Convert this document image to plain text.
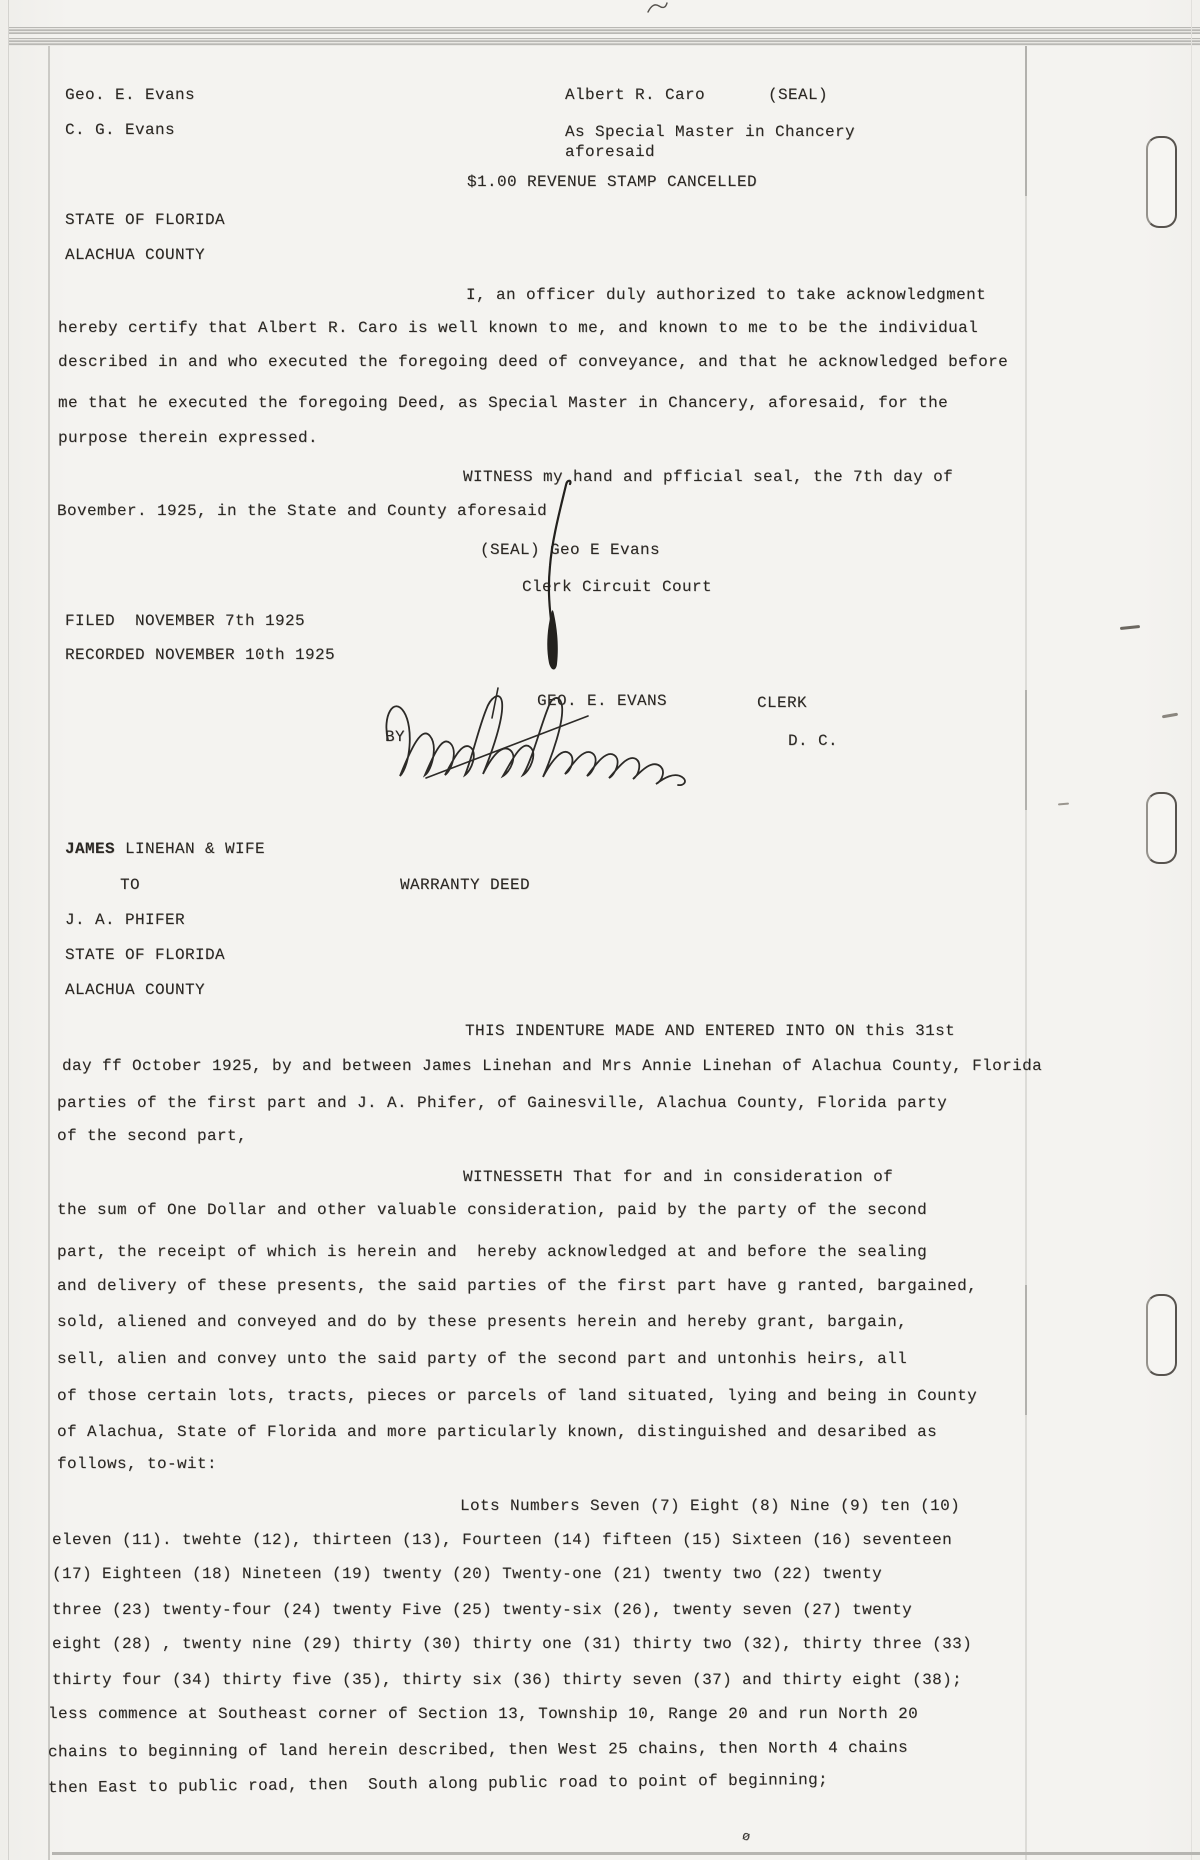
Geo. E. Evans	Albert R. Caro	(SEAL)
C. G. Evans	As Special Master in Chancery
aforesaid
$1.00 REVENUE STAMP CANCELLED
STATE OF FLORIDA
ALACHUA COUNTY
I, an officer duly authorized to take acknowledgment
hereby certify that Albert R. Caro is well known to me, and known to me to be the individual
described in and who executed the foregoing deed of conveyance, and that he acknowledged before
me that he executed the foregoing Deed, as Special Master in Chancery, aforesaid, for the
purpose therein expressed.
WITNESS my hand and pfficial seal, the 7th day of
Bovember. 1925, in the State and County aforesaid
(SEAL) Geo E Evans
Clerk Circuit Court
FILED  NOVEMBER 7th 1925
RECORDED NOVEMBER 10th 1925
GEO. E. EVANS	CLERK
BY	D. C.
JAMES LINEHAN & WIFE
TO	WARRANTY DEED
J. A. PHIFER
STATE OF FLORIDA
ALACHUA COUNTY
THIS INDENTURE MADE AND ENTERED INTO ON this 31st
day ff October 1925, by and between James Linehan and Mrs Annie Linehan of Alachua County, Florida
parties of the first part and J. A. Phifer, of Gainesville, Alachua County, Florida party
of the second part,
WITNESSETH That for and in consideration of
the sum of One Dollar and other valuable consideration, paid by the party of the second
part, the receipt of which is herein and  hereby acknowledged at and before the sealing
and delivery of these presents, the said parties of the first part have g ranted, bargained,
sold, aliened and conveyed and do by these presents herein and hereby grant, bargain,
sell, alien and convey unto the said party of the second part and untonhis heirs, all
of those certain lots, tracts, pieces or parcels of land situated, lying and being in County
of Alachua, State of Florida and more particularly known, distinguished and desaribed as
follows, to-wit:
Lots Numbers Seven (7) Eight (8) Nine (9) ten (10)
eleven (11). twehte (12), thirteen (13), Fourteen (14) fifteen (15) Sixteen (16) seventeen
(17) Eighteen (18) Nineteen (19) twenty (20) Twenty-one (21) twenty two (22) twenty
three (23) twenty-four (24) twenty Five (25) twenty-six (26), twenty seven (27) twenty
eight (28) , twenty nine (29) thirty (30) thirty one (31) thirty two (32), thirty three (33)
thirty four (34) thirty five (35), thirty six (36) thirty seven (37) and thirty eight (38);
less commence at Southeast corner of Section 13, Township 10, Range 20 and run North 20
chains to beginning of land herein described, then West 25 chains, then North 4 chains
then East to public road, then  South along public road to point of beginning;
ø
